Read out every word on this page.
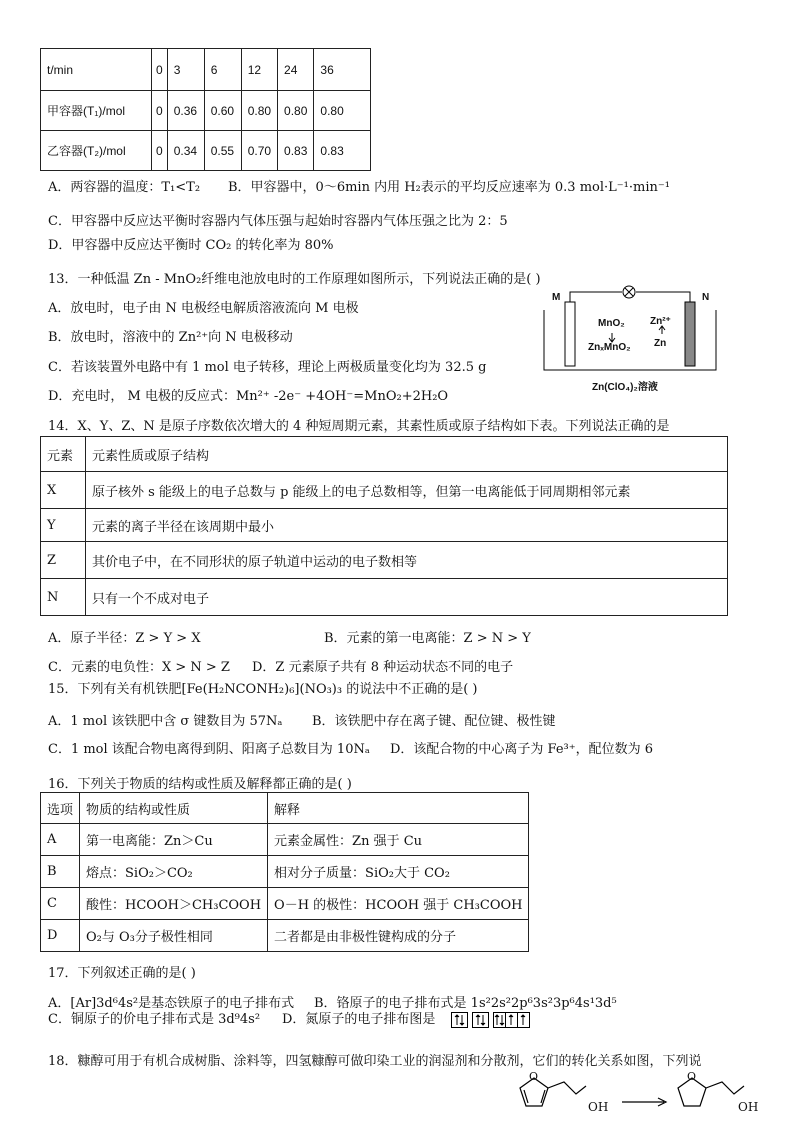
t/min	0	3	6	12	24	36
甲容器(T₁)/mol	0	0.36	0.60	0.80	0.80	0.80
乙容器(T₂)/mol	0	0.34	0.55	0.70	0.83	0.83
A．两容器的温度：T₁<T₂ B．甲容器中，0～6min 内用 H₂表示的平均反应速率为 0.3 mol·L⁻¹·min⁻¹
C．甲容器中反应达平衡时容器内气体压强与起始时容器内气体压强之比为 2：5
D．甲容器中反应达平衡时 CO₂ 的转化率为 80%
13．一种低温 Zn - MnO₂纤维电池放电时的工作原理如图所示，下列说法正确的是( )
A．放电时，电子由 N 电极经电解质溶液流向 M 电极
B．放电时，溶液中的 Zn²⁺向 N 电极移动
C．若该装置外电路中有 1 mol 电子转移，理论上两极质量变化均为 32.5 g
D．充电时， M 电极的反应式：Mn²⁺ -2e⁻ +4OH⁻=MnO₂+2H₂O
M	N
MnO₂
ZnₓMnO₂
Zn²⁺
Zn
Zn(ClO₄)₂溶液
14．X、Y、Z、N 是原子序数依次增大的 4 种短周期元素，其素性质或原子结构如下表。下列说法正确的是
元素	元素性质或原子结构
X	原子核外 s 能级上的电子总数与 p 能级上的电子总数相等，但第一电离能低于同周期相邻元素
Y	元素的离子半径在该周期中最小
Z	其价电子中，在不同形状的原子轨道中运动的电子数相等
N	只有一个不成对电子
A．原子半径：Z > Y > X	B．元素的第一电离能：Z > N > Y
C．元素的电负性：X > N > Z D．Z 元素原子共有 8 种运动状态不同的电子
15．下列有关有机铁肥[Fe(H₂NCONH₂)₆](NO₃)₃ 的说法中不正确的是( )
A．1 mol 该铁肥中含 σ 键数目为 57Nₐ B．该铁肥中存在离子键、配位键、极性键
C．1 mol 该配合物电离得到阴、阳离子总数目为 10Nₐ D．该配合物的中心离子为 Fe³⁺，配位数为 6
16．下列关于物质的结构或性质及解释都正确的是( )
选项	物质的结构或性质	解释
A	第一电离能：Zn＞Cu	元素金属性：Zn 强于 Cu
B	熔点：SiO₂＞CO₂	相对分子质量：SiO₂大于 CO₂
C	酸性：HCOOH＞CH₃COOH	O－H 的极性：HCOOH 强于 CH₃COOH
D	O₂与 O₃分子极性相同	二者都是由非极性键构成的分子
17．下列叙述正确的是( )
A．[Ar]3d⁶4s²是基态铁原子的电子排布式 B．铬原子的电子排布式是 1s²2s²2p⁶3s²3p⁶4s¹3d⁵
C．铜原子的价电子排布式是 3d⁹4s² D．氮原子的电子排布图是
18．糠醇可用于有机合成树脂、涂料等，四氢糠醇可做印染工业的润湿剂和分散剂，它们的转化关系如图，下列说
O
OH →
O
OH
